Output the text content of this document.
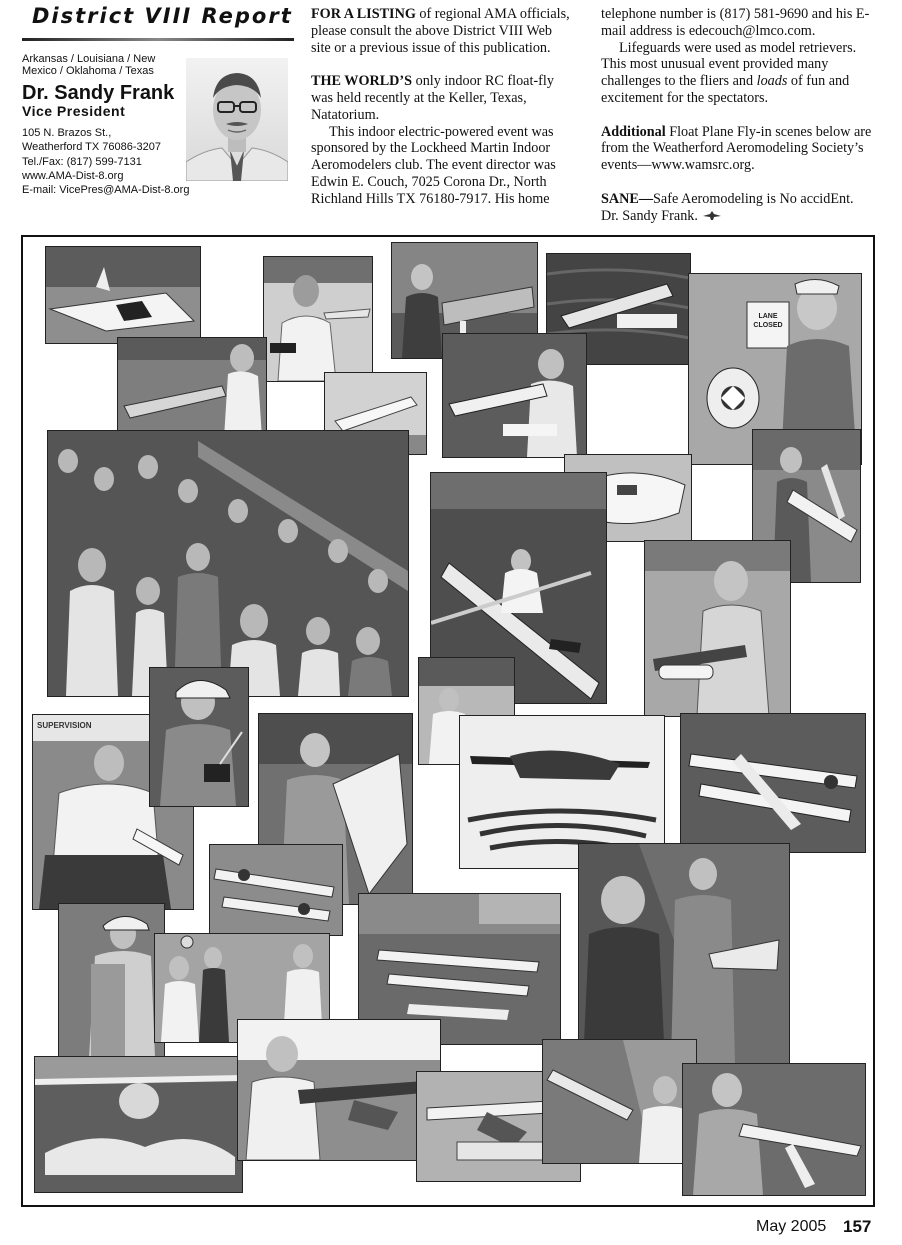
District VIII Report
Arkansas / Louisiana / New Mexico / Oklahoma / Texas
Dr. Sandy Frank
Vice President
105 N. Brazos St.,
Weatherford TX 76086-3207
Tel./Fax: (817) 599-7131
www.AMA-Dist-8.org
E-mail: VicePres@AMA-Dist-8.org

FOR A LISTING of regional AMA officials, please consult the above District VIII Web site or a previous issue of this publication.

THE WORLD’S only indoor RC float-fly was held recently at the Keller, Texas, Natatorium.

This indoor electric-powered event was sponsored by the Lockheed Martin Indoor Aeromodelers club. The event director was Edwin E. Couch, 7025 Corona Dr., North Richland Hills TX 76180-7917. His home

telephone number is (817) 581-9690 and his E-mail address is edecouch@lmco.com.

Lifeguards were used as model retrievers. This most unusual event provided many challenges to the fliers and loads of fun and excitement for the spectators.

Additional Float Plane Fly-in scenes below are from the Weatherford Aeromodeling Society’s events—www.wamsrc.org.

SANE—Safe Aeromodeling is No accidEnt.

Dr. Sandy Frank.

LANE CLOSED
SUPERVISION
May 2005 157
